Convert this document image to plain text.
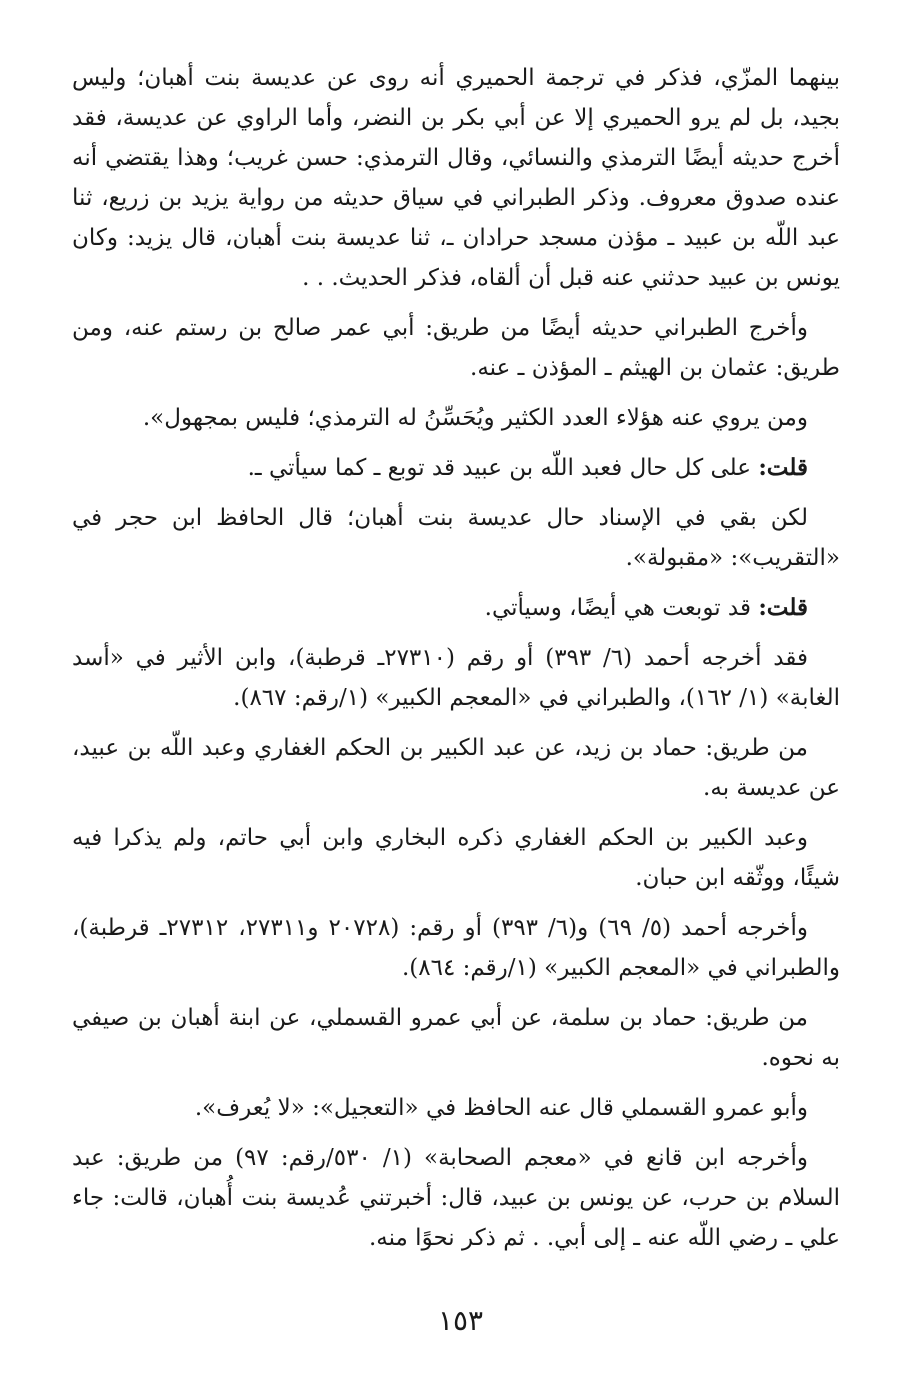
بينهما المزّي، فذكر في ترجمة الحميري أنه روى عن عديسة بنت أهبان؛ وليس بجيد، بل لم يرو الحميري إلا عن أبي بكر بن النضر، وأما الراوي عن عديسة، فقد أخرج حديثه أيضًا الترمذي والنسائي، وقال الترمذي: حسن غريب؛ وهذا يقتضي أنه عنده صدوق معروف. وذكر الطبراني في سياق حديثه من رواية يزيد بن زريع، ثنا عبد اللّه بن عبيد ـ مؤذن مسجد حرادان ـ، ثنا عديسة بنت أهبان، قال يزيد: وكان يونس بن عبيد حدثني عنه قبل أن ألقاه، فذكر الحديث. . .

وأخرج الطبراني حديثه أيضًا من طريق: أبي عمر صالح بن رستم عنه، ومن طريق: عثمان بن الهيثم ـ المؤذن ـ عنه.

ومن يروي عنه هؤلاء العدد الكثير ويُحَسِّنُ له الترمذي؛ فليس بمجهول».

قلت: على كل حال فعبد اللّه بن عبيد قد توبع ـ كما سيأتي ـ.

لكن بقي في الإسناد حال عديسة بنت أهبان؛ قال الحافظ ابن حجر في «التقريب»: «مقبولة».

قلت: قد توبعت هي أيضًا، وسيأتي.

فقد أخرجه أحمد (٦/ ٣٩٣) أو رقم (٢٧٣١٠ـ قرطبة)، وابن الأثير في «أسد الغابة» (١/ ١٦٢)، والطبراني في «المعجم الكبير» (١/رقم: ٨٦٧).

من طريق: حماد بن زيد، عن عبد الكبير بن الحكم الغفاري وعبد اللّه بن عبيد، عن عديسة به.

وعبد الكبير بن الحكم الغفاري ذكره البخاري وابن أبي حاتم، ولم يذكرا فيه شيئًا، ووثّقه ابن حبان.

وأخرجه أحمد (٥/ ٦٩) و(٦/ ٣٩٣) أو رقم: (٢٠٧٢٨ و٢٧٣١١، ٢٧٣١٢ـ قرطبة)، والطبراني في «المعجم الكبير» (١/رقم: ٨٦٤).

من طريق: حماد بن سلمة، عن أبي عمرو القسملي، عن ابنة أهبان بن صيفي به نحوه.

وأبو عمرو القسملي قال عنه الحافظ في «التعجيل»: «لا يُعرف».

وأخرجه ابن قانع في «معجم الصحابة» (١/ ٥٣٠/رقم: ٩٧) من طريق: عبد السلام بن حرب، عن يونس بن عبيد، قال: أخبرتني عُديسة بنت أُهبان، قالت: جاء علي ـ رضي اللّه عنه ـ إلى أبي. . ثم ذكر نحوًا منه.

١٥٣
